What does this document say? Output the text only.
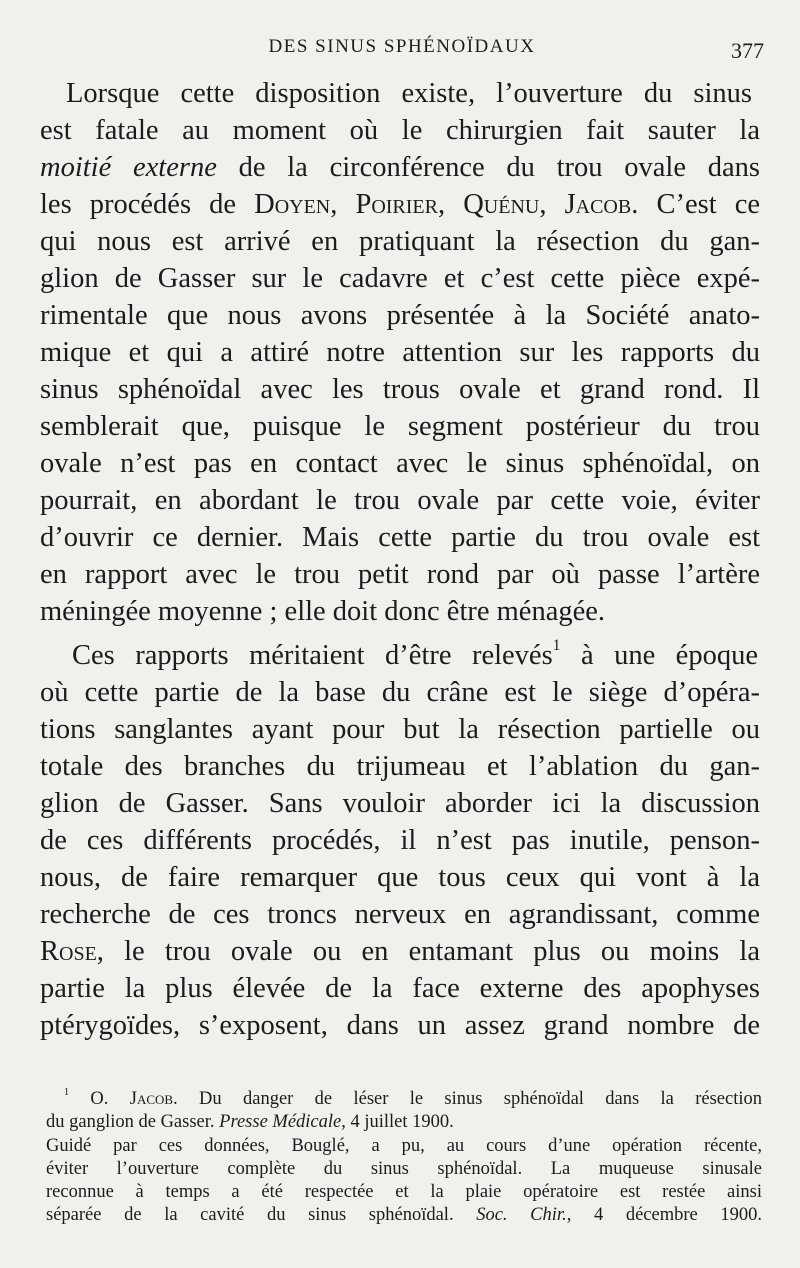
DES SINUS SPHÉNOÏDAUX	377
Lorsque cette disposition existe, l’ouverture du sinus
est fatale au moment où le chirurgien fait sauter la
moitié externe de la circonférence du trou ovale dans
les procédés de Doyen, Poirier, Quénu, Jacob. C’est ce
qui nous est arrivé en pratiquant la résection du gan-
glion de Gasser sur le cadavre et c’est cette pièce expé-
rimentale que nous avons présentée à la Société anato-
mique et qui a attiré notre attention sur les rapports du
sinus sphénoïdal avec les trous ovale et grand rond. Il
semblerait que, puisque le segment postérieur du trou
ovale n’est pas en contact avec le sinus sphénoïdal, on
pourrait, en abordant le trou ovale par cette voie, éviter
d’ouvrir ce dernier. Mais cette partie du trou ovale est
en rapport avec le trou petit rond par où passe l’artère
méningée moyenne ; elle doit donc être ménagée.
Ces rapports méritaient d’être relevés$^1$ à une époque
où cette partie de la base du crâne est le siège d’opéra-
tions sanglantes ayant pour but la résection partielle ou
totale des branches du trijumeau et l’ablation du gan-
glion de Gasser. Sans vouloir aborder ici la discussion
de ces différents procédés, il n’est pas inutile, penson-
nous, de faire remarquer que tous ceux qui vont à la
recherche de ces troncs nerveux en agrandissant, comme
Rose, le trou ovale ou en entamant plus ou moins la
partie la plus élevée de la face externe des apophyses
ptérygoïdes, s’exposent, dans un assez grand nombre de
$^1$ O. Jacob. Du danger de léser le sinus sphénoïdal dans la résection
du ganglion de Gasser. Presse Médicale, 4 juillet 1900.
Guidé par ces données, Bouglé, a pu, au cours d’une opération récente,
éviter l’ouverture complète du sinus sphénoïdal. La muqueuse sinusale
reconnue à temps a été respectée et la plaie opératoire est restée ainsi
séparée de la cavité du sinus sphénoïdal. Soc. Chir., 4 décembre 1900.
